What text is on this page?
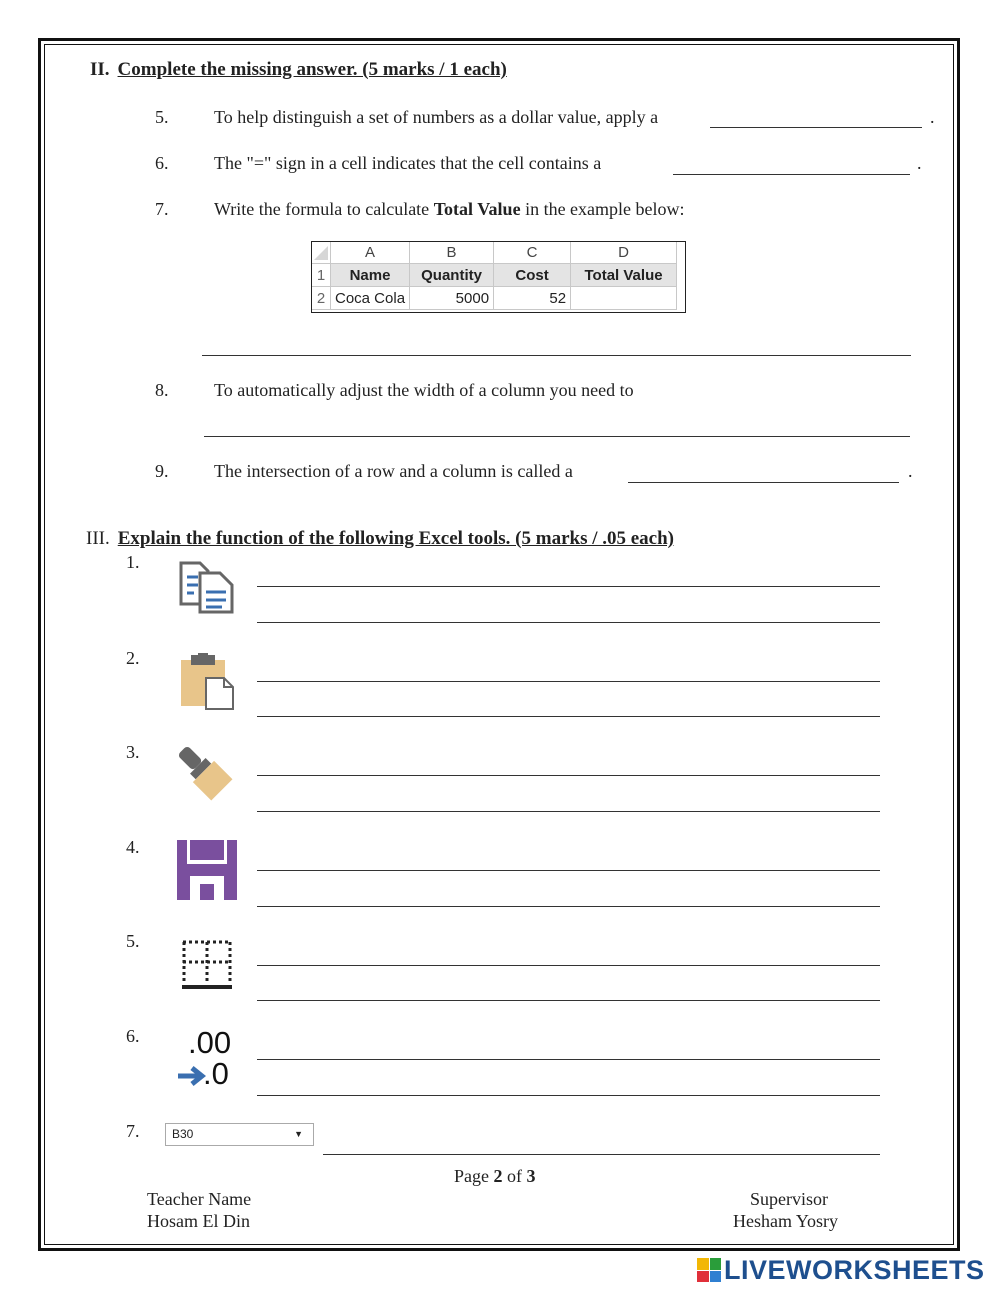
II. Complete the missing answer. (5 marks / 1 each)
5.	To help distinguish a set of numbers as a dollar value, apply a	.
6.	The "=" sign in a cell indicates that the cell contains a	.
7.	Write the formula to calculate Total Value in the example below:
	A	B	C	D
1	Name	Quantity	Cost	Total Value
2	Coca Cola	5000	52	
8.	To automatically adjust the width of a column you need to
9.	The intersection of a row and a column is called a	.
III. Explain the function of the following Excel tools. (5 marks / .05 each)
1.
2.
3.
4.
5.
6. .00
.0
7.	B30	▼
Page 2 of 3
Teacher Name
Hosam El Din
Supervisor
Hesham Yosry
LIVEWORKSHEETS
